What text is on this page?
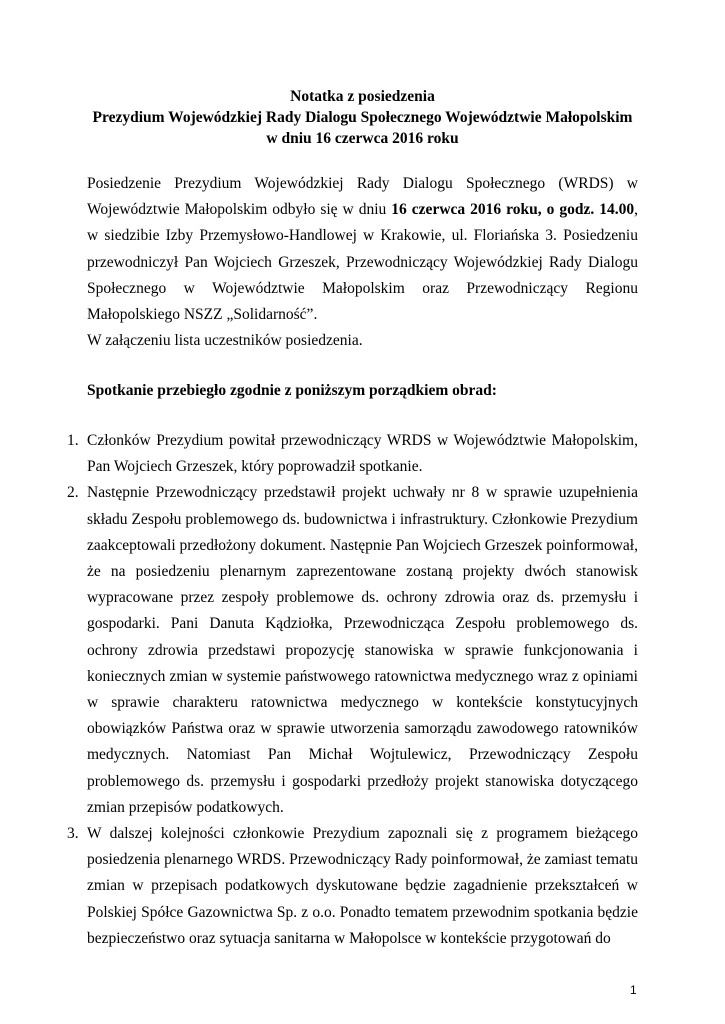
Notatka z posiedzenia
Prezydium Wojewódzkiej Rady Dialogu Społecznego Województwie Małopolskim
w dniu 16 czerwca 2016 roku

Posiedzenie Prezydium Wojewódzkiej Rady Dialogu Społecznego (WRDS) w Województwie Małopolskim odbyło się w dniu 16 czerwca 2016 roku, o godz. 14.00, w siedzibie Izby Przemysłowo-Handlowej w Krakowie, ul. Floriańska 3. Posiedzeniu przewodniczył Pan Wojciech Grzeszek, Przewodniczący Wojewódzkiej Rady Dialogu Społecznego w Województwie Małopolskim oraz Przewodniczący Regionu Małopolskiego NSZZ „Solidarność”.

W załączeniu lista uczestników posiedzenia.

Spotkanie przebiegło zgodnie z poniższym porządkiem obrad:
1. Członków Prezydium powitał przewodniczący WRDS w Województwie Małopolskim, Pan Wojciech Grzeszek, który poprowadził spotkanie.
2. Następnie Przewodniczący przedstawił projekt uchwały nr 8 w sprawie uzupełnienia składu Zespołu problemowego ds. budownictwa i infrastruktury. Członkowie Prezydium zaakceptowali przedłożony dokument. Następnie Pan Wojciech Grzeszek poinformował, że na posiedzeniu plenarnym zaprezentowane zostaną projekty dwóch stanowisk wypracowane przez zespoły problemowe ds. ochrony zdrowia oraz ds. przemysłu i gospodarki. Pani Danuta Kądziołka, Przewodnicząca Zespołu problemowego ds. ochrony zdrowia przedstawi propozycję stanowiska w sprawie funkcjonowania i koniecznych zmian w systemie państwowego ratownictwa medycznego wraz z opiniami w sprawie charakteru ratownictwa medycznego w kontekście konstytucyjnych obowiązków Państwa oraz w sprawie utworzenia samorządu zawodowego ratowników medycznych. Natomiast Pan Michał Wojtulewicz, Przewodniczący Zespołu problemowego ds. przemysłu i gospodarki przedłoży projekt stanowiska dotyczącego zmian przepisów podatkowych.
3. W dalszej kolejności członkowie Prezydium zapoznali się z programem bieżącego posiedzenia plenarnego WRDS. Przewodniczący Rady poinformował, że zamiast tematu zmian w przepisach podatkowych dyskutowane będzie zagadnienie przekształceń w Polskiej Spółce Gazownictwa Sp. z o.o. Ponadto tematem przewodnim spotkania będzie bezpieczeństwo oraz sytuacja sanitarna w Małopolsce w kontekście przygotowań do
1
